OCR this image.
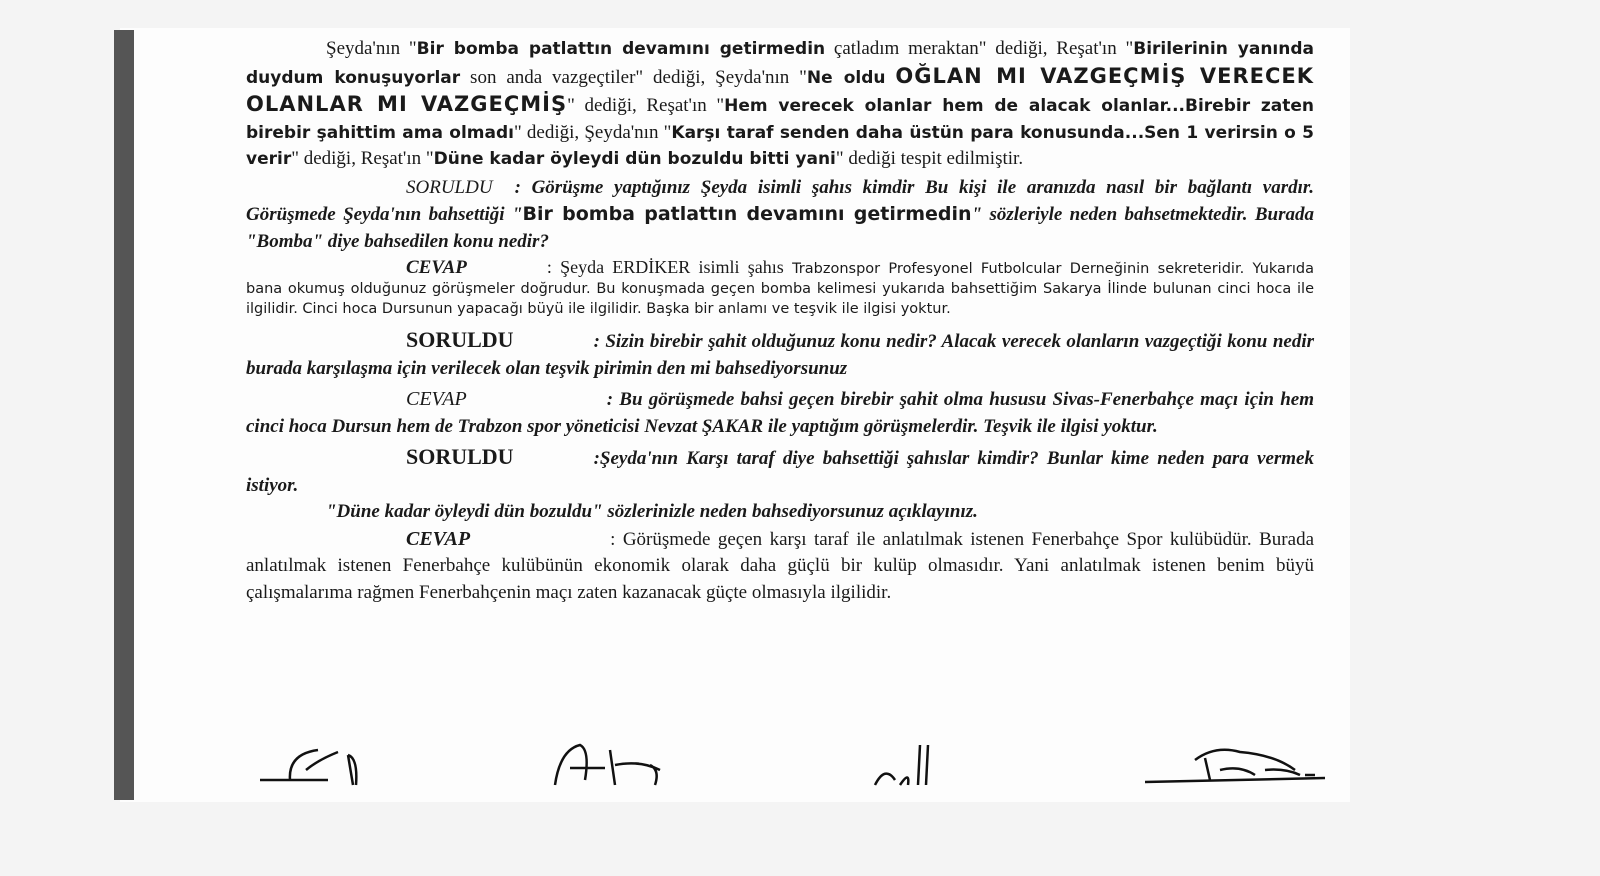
Şeyda'nın "Bir bomba patlattın devamını getirmedin çatladım meraktan" dediği, Reşat'ın "Birilerinin yanında duydum konuşuyorlar son anda vazgeçtiler" dediği, Şeyda'nın "Ne oldu OĞLAN MI VAZGEÇMİŞ VERECEK OLANLAR MI VAZGEÇMİŞ" dediği, Reşat'ın "Hem verecek olanlar hem de alacak olanlar...Birebir zaten birebir şahittim ama olmadı" dediği, Şeyda'nın "Karşı taraf senden daha üstün para konusunda...Sen 1 verirsin o 5 verir" dediği, Reşat'ın "Düne kadar öyleydi dün bozuldu bitti yani" dediği tespit edilmiştir.

SORULDU : Görüşme yaptığınız Şeyda isimli şahıs kimdir Bu kişi ile aranızda nasıl bir bağlantı vardır. Görüşmede Şeyda'nın bahsettiği "Bir bomba patlattın devamını getirmedin" sözleriyle neden bahsetmektedir. Burada "Bomba" diye bahsedilen konu nedir?

CEVAP	: Şeyda ERDİKER isimli şahıs Trabzonspor Profesyonel Futbolcular Derneğinin sekreteridir. Yukarıda bana okumuş olduğunuz görüşmeler doğrudur. Bu konuşmada geçen bomba kelimesi yukarıda bahsettiğim Sakarya İlinde bulunan cinci hoca ile ilgilidir. Cinci hoca Dursunun yapacağı büyü ile ilgilidir. Başka bir anlamı ve teşvik ile ilgisi yoktur.

SORULDU	: Sizin birebir şahit olduğunuz konu nedir? Alacak verecek olanların vazgeçtiği konu nedir burada karşılaşma için verilecek olan teşvik pirimin den mi bahsediyorsunuz

CEVAP	: Bu görüşmede bahsi geçen birebir şahit olma hususu Sivas-Fenerbahçe maçı için hem cinci hoca Dursun hem de Trabzon spor yöneticisi Nevzat ŞAKAR ile yaptığım görüşmelerdir. Teşvik ile ilgisi yoktur.

SORULDU	:Şeyda'nın Karşı taraf diye bahsettiği şahıslar kimdir? Bunlar kime neden para vermek istiyor.

"Düne kadar öyleydi dün bozuldu" sözlerinizle neden bahsediyorsunuz açıklayınız.

CEVAP	: Görüşmede geçen karşı taraf ile anlatılmak istenen Fenerbahçe Spor kulübüdür. Burada anlatılmak istenen Fenerbahçe kulübünün ekonomik olarak daha güçlü bir kulüp olmasıdır. Yani anlatılmak istenen benim büyü çalışmalarıma rağmen Fenerbahçenin maçı zaten kazanacak güçte olmasıyla ilgilidir.
